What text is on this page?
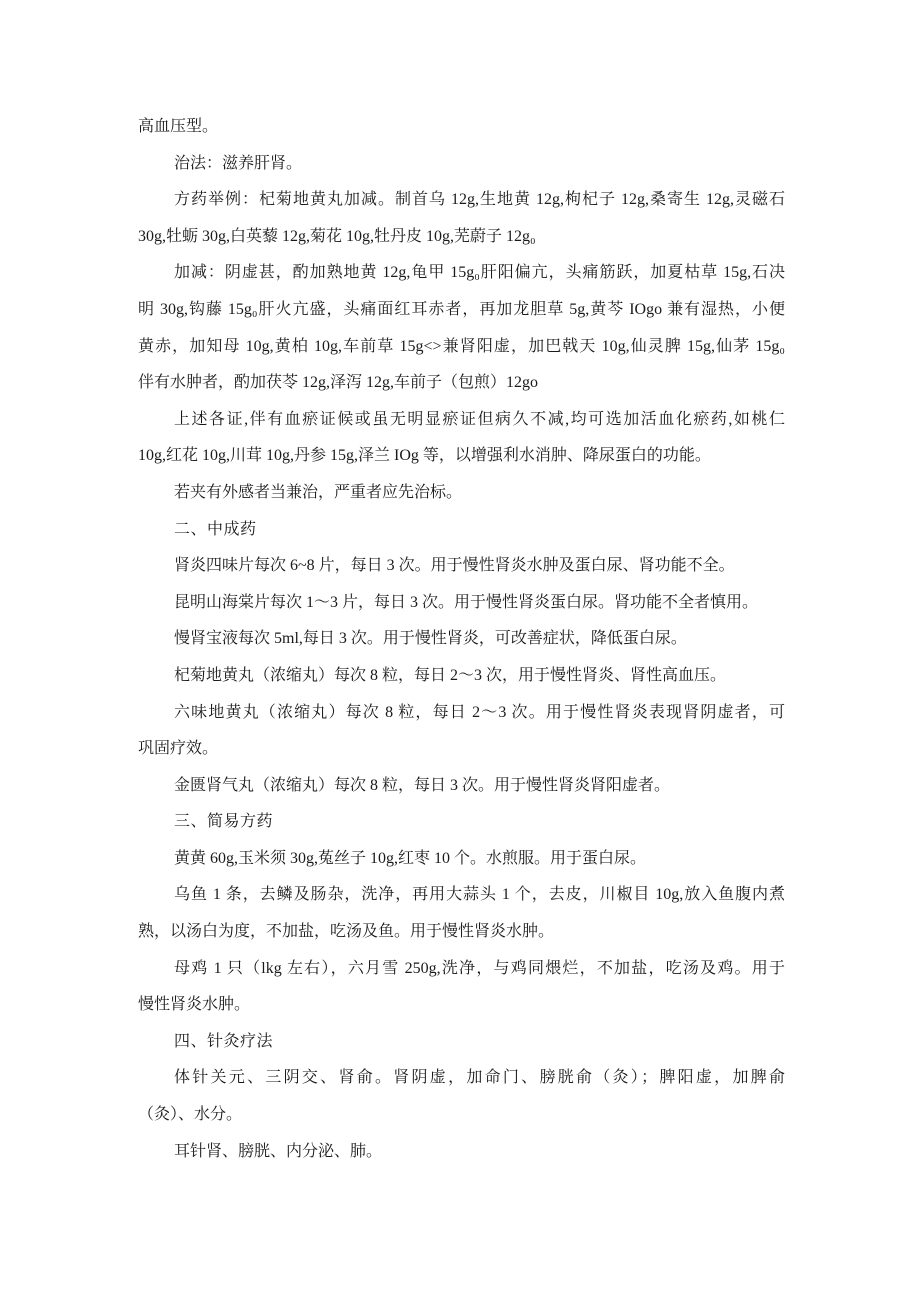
高血压型。

治法：滋养肝肾。

方药举例：杞菊地黄丸加减。制首乌 12g,生地黄 12g,枸杞子 12g,桑寄生 12g,灵磁石
30g,牡蛎 30g,白英藜 12g,菊花 10g,牡丹皮 10g,芜蔚子 12g₀

加减：阴虚甚，酌加熟地黄 12g,龟甲 15g₀肝阳偏亢，头痛筋跃，加夏枯草 15g,石决
明 30g,钩藤 15g₀肝火亢盛，头痛面红耳赤者，再加龙胆草 5g,黄芩 IOgo 兼有湿热，小便
黄赤，加知母 10g,黄柏 10g,车前草 15g<>兼肾阳虚，加巴戟天 10g,仙灵脾 15g,仙茅 15g₀
伴有水肿者，酌加茯苓 12g,泽泻 12g,车前子（包煎）12go

上述各证,伴有血瘀证候或虽无明显瘀证但病久不减,均可选加活血化瘀药,如桃仁
10g,红花 10g,川茸 10g,丹参 15g,泽兰 IOg 等，以增强利水消肿、降尿蛋白的功能。

若夹有外感者当兼治，严重者应先治标。

二、中成药

肾炎四味片每次 6~8 片，每日 3 次。用于慢性肾炎水肿及蛋白尿、肾功能不全。

昆明山海棠片每次 1～3 片，每日 3 次。用于慢性肾炎蛋白尿。肾功能不全者慎用。

慢肾宝液每次 5ml,每日 3 次。用于慢性肾炎，可改善症状，降低蛋白尿。

杞菊地黄丸（浓缩丸）每次 8 粒，每日 2～3 次，用于慢性肾炎、肾性高血压。

六味地黄丸（浓缩丸）每次 8 粒，每日 2～3 次。用于慢性肾炎表现肾阴虚者，可
巩固疗效。

金匮肾气丸（浓缩丸）每次 8 粒，每日 3 次。用于慢性肾炎肾阳虚者。

三、简易方药

黄黄 60g,玉米须 30g,菟丝子 10g,红枣 10 个。水煎服。用于蛋白尿。

乌鱼 1 条，去鳞及肠杂，洗净，再用大蒜头 1 个，去皮，川椒目 10g,放入鱼腹内煮
熟，以汤白为度，不加盐，吃汤及鱼。用于慢性肾炎水肿。

母鸡 1 只（lkg 左右），六月雪 250g,洗净，与鸡同煨烂，不加盐，吃汤及鸡。用于
慢性肾炎水肿。

四、针灸疗法

体针关元、三阴交、肾俞。肾阴虚，加命门、膀胱俞（灸）；脾阳虚，加脾俞
（灸）、水分。

耳针肾、膀胱、内分泌、肺。
